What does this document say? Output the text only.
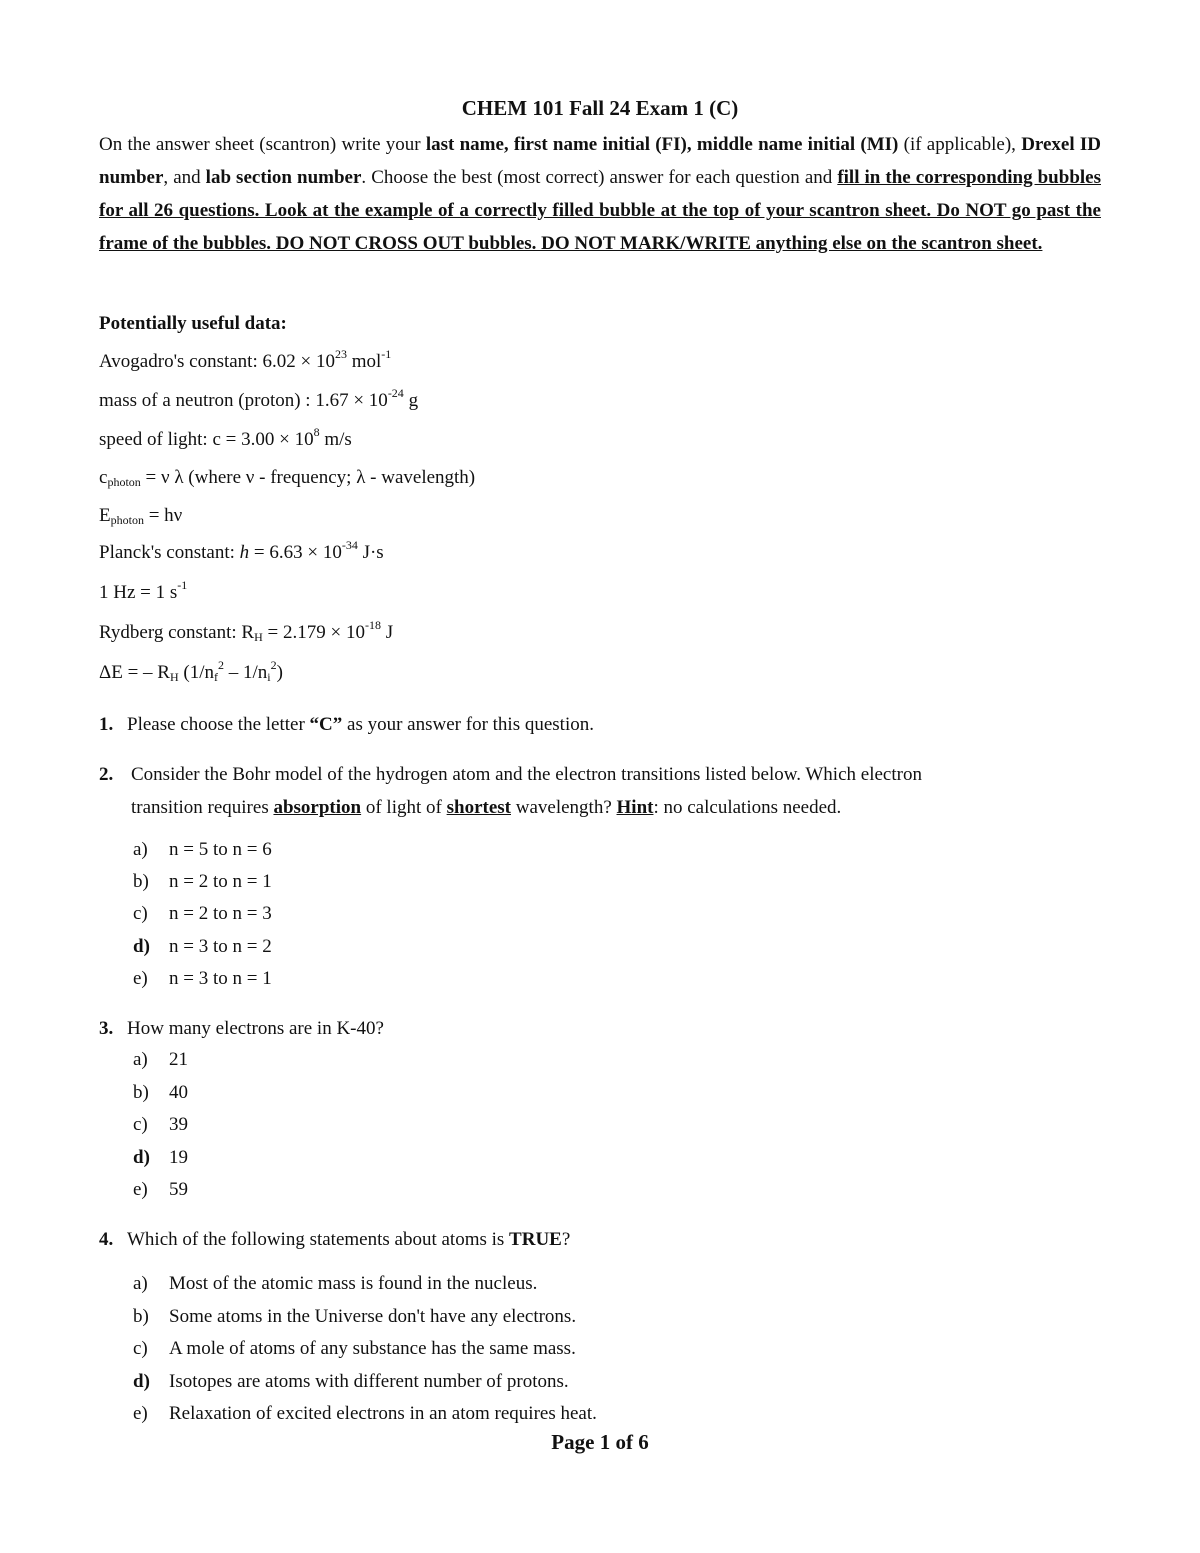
CHEM 101 Fall 24 Exam 1 (C)
On the answer sheet (scantron) write your last name, first name initial (FI), middle name initial (MI) (if applicable), Drexel ID number, and lab section number. Choose the best (most correct) answer for each question and fill in the corresponding bubbles for all 26 questions. Look at the example of a correctly filled bubble at the top of your scantron sheet. Do NOT go past the frame of the bubbles. DO NOT CROSS OUT bubbles. DO NOT MARK/WRITE anything else on the scantron sheet.
Potentially useful data:
Avogadro's constant: $6.02 \times 10^{23}$ mol$^{-1}$
mass of a neutron (proton) : $1.67 \times 10^{-24}$ g
speed of light: $c = 3.00 \times 10^8$ m/s
$c_{photon} = \nu$ λ (where ν - frequency; λ - wavelength)
$E_{photon} = h\nu$
Planck's constant: $h = 6.63 \times 10^{-34}$ J·s
1 Hz = 1 $s^{-1}$
Rydberg constant: $R_H = 2.179 \times 10^{-18}$ J
ΔE = – $R_H$ $(1/n_f^2 - 1/n_i^2)$
1. Please choose the letter “C” as your answer for this question.
2. Consider the Bohr model of the hydrogen atom and the electron transitions listed below. Which electron
transition requires absorption of light of shortest wavelength? Hint: no calculations needed.
a) n = 5 to n = 6
b) n = 2 to n = 1
c) n = 2 to n = 3
d) n = 3 to n = 2
e) n = 3 to n = 1
3. How many electrons are in K-40?
a) 21
b) 40
c) 39
d) 19
e) 59
4. Which of the following statements about atoms is TRUE?
a) Most of the atomic mass is found in the nucleus.
b) Some atoms in the Universe don't have any electrons.
c) A mole of atoms of any substance has the same mass.
d) Isotopes are atoms with different number of protons.
e) Relaxation of excited electrons in an atom requires heat.
Page 1 of 6
